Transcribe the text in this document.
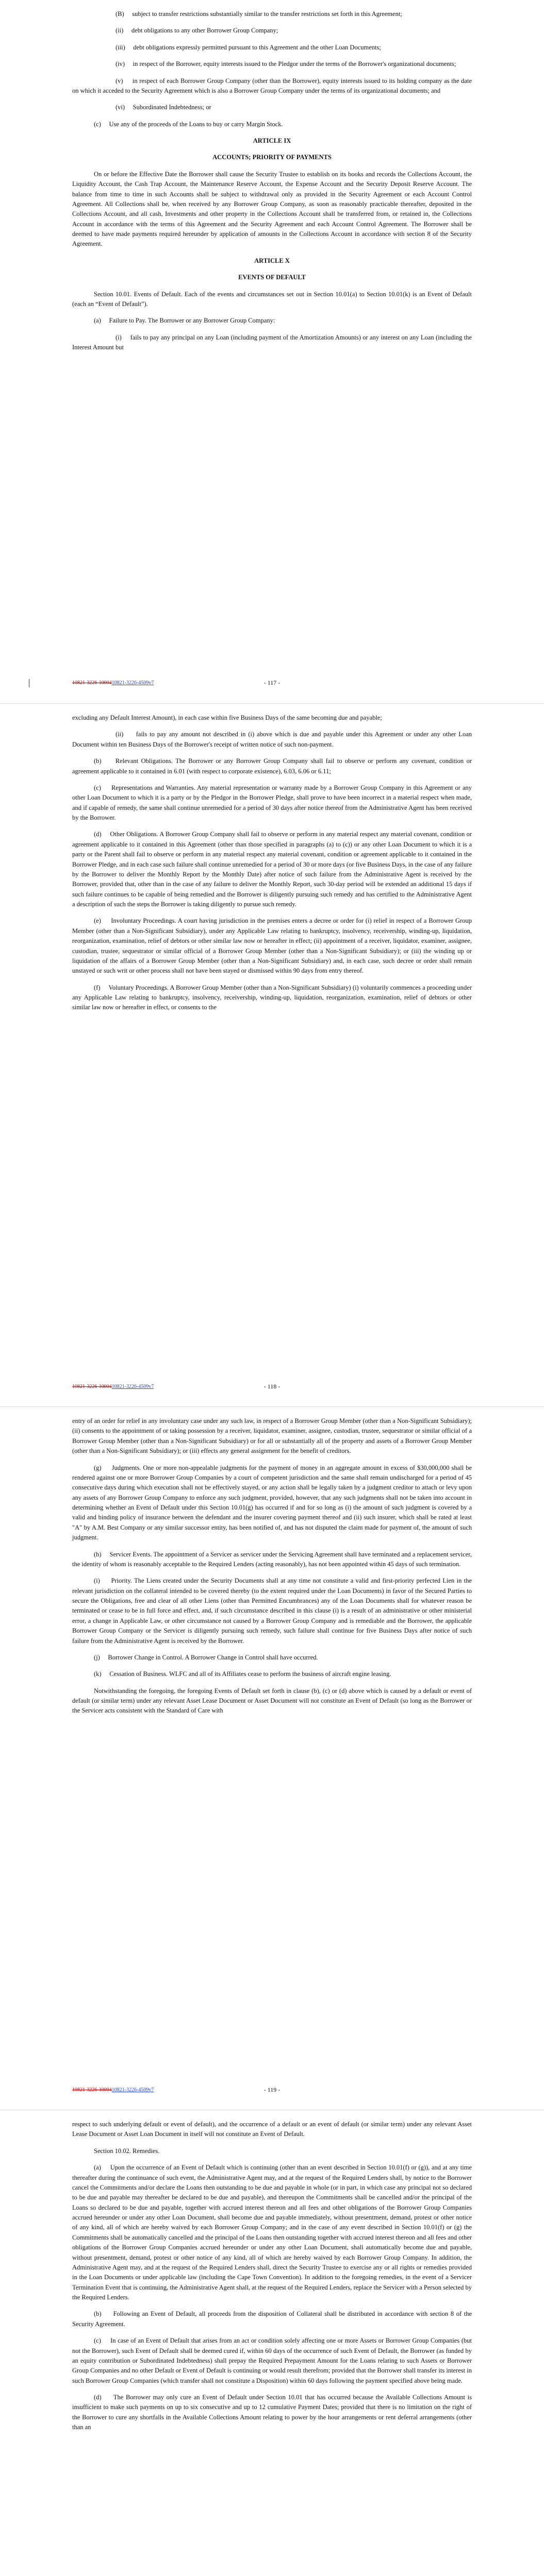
(B)     subject to transfer restrictions substantially similar to the transfer restrictions set forth in this Agreement;

(ii)     debt obligations to any other Borrower Group Company;

(iii)     debt obligations expressly permitted pursuant to this Agreement and the other Loan Documents;

(iv)     in respect of the Borrower, equity interests issued to the Pledgor under the terms of the Borrower's organizational documents;

(v)     in respect of each Borrower Group Company (other than the Borrower), equity interests issued to its holding company as the date on which it acceded to the Security Agreement which is also a Borrower Group Company under the terms of its organizational documents; and

(vi)     Subordinated Indebtedness; or

(c)     Use any of the proceeds of the Loans to buy or carry Margin Stock.

ARTICLE IX

ACCOUNTS; PRIORITY OF PAYMENTS

On or before the Effective Date the Borrower shall cause the Security Trustee to establish on its books and records the Collections Account, the Liquidity Account, the Cash Trap Account, the Maintenance Reserve Account, the Expense Account and the Security Deposit Reserve Account. The balance from time to time in such Accounts shall be subject to withdrawal only as provided in the Security Agreement or each Account Control Agreement. All Collections shall be, when received by any Borrower Group Company, as soon as reasonably practicable thereafter, deposited in the Collections Account, and all cash, Investments and other property in the Collections Account shall be transferred from, or retained in, the Collections Account in accordance with the terms of this Agreement and the Security Agreement and each Account Control Agreement. The Borrower shall be deemed to have made payments required hereunder by application of amounts in the Collections Account in accordance with section 8 of the Security Agreement.

ARTICLE X

EVENTS OF DEFAULT

Section 10.01. Events of Default. Each of the events and circumstances set out in Section 10.01(a) to Section 10.01(k) is an Event of Default (each an “Event of Default”).

(a)     Failure to Pay. The Borrower or any Borrower Group Company:

(i)     fails to pay any principal on any Loan (including payment of the Amortization Amounts) or any interest on any Loan (including the Interest Amount but

10821-3226-1000410821-3226-4509v7	- 117 -

excluding any Default Interest Amount), in each case within five Business Days of the same becoming due and payable;

(ii)     fails to pay any amount not described in (i) above which is due and payable under this Agreement or under any other Loan Document within ten Business Days of the Borrower's receipt of written notice of such non-payment.

(b)     Relevant Obligations. The Borrower or any Borrower Group Company shall fail to observe or perform any covenant, condition or agreement applicable to it contained in 6.01 (with respect to corporate existence), 6.03, 6.06 or 6.11;

(c)     Representations and Warranties. Any material representation or warranty made by a Borrower Group Company in this Agreement or any other Loan Document to which it is a party or by the Pledgor in the Borrower Pledge, shall prove to have been incorrect in a material respect when made, and if capable of remedy, the same shall continue unremedied for a period of 30 days after notice thereof from the Administrative Agent has been received by the Borrower.

(d)     Other Obligations. A Borrower Group Company shall fail to observe or perform in any material respect any material covenant, condition or agreement applicable to it contained in this Agreement (other than those specified in paragraphs (a) to (c)) or any other Loan Document to which it is a party or the Parent shall fail to observe or perform in any material respect any material covenant, condition or agreement applicable to it contained in the Borrower Pledge, and in each case such failure shall continue unremedied for a period of 30 or more days (or five Business Days, in the case of any failure by the Borrower to deliver the Monthly Report by the Monthly Date) after notice of such failure from the Administrative Agent is received by the Borrower, provided that, other than in the case of any failure to deliver the Monthly Report, such 30-day period will be extended an additional 15 days if such failure continues to be capable of being remedied and the Borrower is diligently pursuing such remedy and has certified to the Administrative Agent a description of such the steps the Borrower is taking diligently to pursue such remedy.

(e)     Involuntary Proceedings. A court having jurisdiction in the premises enters a decree or order for (i) relief in respect of a Borrower Group Member (other than a Non-Significant Subsidiary), under any Applicable Law relating to bankruptcy, insolvency, receivership, winding-up, liquidation, reorganization, examination, relief of debtors or other similar law now or hereafter in effect; (ii) appointment of a receiver, liquidator, examiner, assignee, custodian, trustee, sequestrator or similar official of a Borrower Group Member (other than a Non-Significant Subsidiary); or (iii) the winding up or liquidation of the affairs of a Borrower Group Member (other than a Non-Significant Subsidiary) and, in each case, such decree or order shall remain unstayed or such writ or other process shall not have been stayed or dismissed within 90 days from entry thereof.

(f)     Voluntary Proceedings. A Borrower Group Member (other than a Non-Significant Subsidiary) (i) voluntarily commences a proceeding under any Applicable Law relating to bankruptcy, insolvency, receivership, winding-up, liquidation, reorganization, examination, relief of debtors or other similar law now or hereafter in effect, or consents to the

10821-3226-1000410821-3226-4509v7	- 118 -

entry of an order for relief in any involuntary case under any such law, in respect of a Borrower Group Member (other than a Non-Significant Subsidiary); (ii) consents to the appointment of or taking possession by a receiver, liquidator, examiner, assignee, custodian, trustee, sequestrator or similar official of a Borrower Group Member (other than a Non-Significant Subsidiary) or for all or substantially all of the property and assets of a Borrower Group Member (other than a Non-Significant Subsidiary); or (iii) effects any general assignment for the benefit of creditors.

(g)     Judgments. One or more non-appealable judgments for the payment of money in an aggregate amount in excess of $30,000,000 shall be rendered against one or more Borrower Group Companies by a court of competent jurisdiction and the same shall remain undischarged for a period of 45 consecutive days during which execution shall not be effectively stayed, or any action shall be legally taken by a judgment creditor to attach or levy upon any assets of any Borrower Group Company to enforce any such judgment, provided, however, that any such judgments shall not be taken into account in determining whether an Event of Default under this Section 10.01(g) has occurred if and for so long as (i) the amount of such judgment is covered by a valid and binding policy of insurance between the defendant and the insurer covering payment thereof and (ii) such insurer, which shall be rated at least "A" by A.M. Best Company or any similar successor entity, has been notified of, and has not disputed the claim made for payment of, the amount of such judgment.

(h)     Servicer Events. The appointment of a Servicer as servicer under the Servicing Agreement shall have terminated and a replacement servicer, the identity of whom is reasonably acceptable to the Required Lenders (acting reasonably), has not been appointed within 45 days of such termination.

(i)     Priority. The Liens created under the Security Documents shall at any time not constitute a valid and first-priority perfected Lien in the relevant jurisdiction on the collateral intended to be covered thereby (to the extent required under the Loan Documents) in favor of the Secured Parties to secure the Obligations, free and clear of all other Liens (other than Permitted Encumbrances) any of the Loan Documents shall for whatever reason be terminated or cease to be in full force and effect, and, if such circumstance described in this clause (i) is a result of an administrative or other ministerial error, a change in Applicable Law, or other circumstance not caused by a Borrower Group Company and is remediable and the Borrower, the applicable Borrower Group Company or the Servicer is diligently pursuing such remedy, such failure shall continue for five Business Days after notice of such failure from the Administrative Agent is received by the Borrower.

(j)     Borrower Change in Control. A Borrower Change in Control shall have occurred.

(k)     Cessation of Business. WLFC and all of its Affiliates cease to perform the business of aircraft engine leasing.

Notwithstanding the foregoing, the foregoing Events of Default set forth in clause (b), (c) or (d) above which is caused by a default or event of default (or similar term) under any relevant Asset Lease Document or Asset Document will not constitute an Event of Default (so long as the Borrower or the Servicer acts consistent with the Standard of Care with

10821-3226-1000410821-3226-4509v7	- 119 -

respect to such underlying default or event of default), and the occurrence of a default or an event of default (or similar term) under any relevant Asset Lease Document or Asset Loan Document in itself will not constitute an Event of Default.

Section 10.02. Remedies.

(a)     Upon the occurrence of an Event of Default which is continuing (other than an event described in Section 10.01(f) or (g)), and at any time thereafter during the continuance of such event, the Administrative Agent may, and at the request of the Required Lenders shall, by notice to the Borrower cancel the Commitments and/or declare the Loans then outstanding to be due and payable in whole (or in part, in which case any principal not so declared to be due and payable may thereafter be declared to be due and payable), and thereupon the Commitments shall be cancelled and/or the principal of the Loans so declared to be due and payable, together with accrued interest thereon and all fees and other obligations of the Borrower Group Companies accrued hereunder or under any other Loan Document, shall become due and payable immediately, without presentment, demand, protest or other notice of any kind, all of which are hereby waived by each Borrower Group Company; and in the case of any event described in Section 10.01(f) or (g) the Commitments shall be automatically cancelled and the principal of the Loans then outstanding together with accrued interest thereon and all fees and other obligations of the Borrower Group Companies accrued hereunder or under any other Loan Document, shall automatically become due and payable, without presentment, demand, protest or other notice of any kind, all of which are hereby waived by each Borrower Group Company. In addition, the Administrative Agent may, and at the request of the Required Lenders shall, direct the Security Trustee to exercise any or all rights or remedies provided in the Loan Documents or under applicable law (including the Cape Town Convention). In addition to the foregoing remedies, in the event of a Servicer Termination Event that is continuing, the Administrative Agent shall, at the request of the Required Lenders, replace the Servicer with a Person selected by the Required Lenders.

(b)     Following an Event of Default, all proceeds from the disposition of Collateral shall be distributed in accordance with section 8 of the Security Agreement.

(c)     In case of an Event of Default that arises from an act or condition solely affecting one or more Assets or Borrower Group Companies (but not the Borrower), such Event of Default shall be deemed cured if, within 60 days of the occurrence of such Event of Default, the Borrower (as funded by an equity contribution or Subordinated Indebtedness) shall prepay the Required Prepayment Amount for the Loans relating to such Assets or Borrower Group Companies and no other Default or Event of Default is continuing or would result therefrom; provided that the Borrower shall transfer its interest in such Borrower Group Companies (which transfer shall not constitute a Disposition) within 60 days following the payment specified above being made.

(d)     The Borrower may only cure an Event of Default under Section 10.01 that has occurred because the Available Collections Amount is insufficient to make such payments on up to six consecutive and up to 12 cumulative Payment Dates; provided that there is no limitation on the right of the Borrower to cure any shortfalls in the Available Collections Amount relating to power by the hour arrangements or rent deferral arrangements (other than an
